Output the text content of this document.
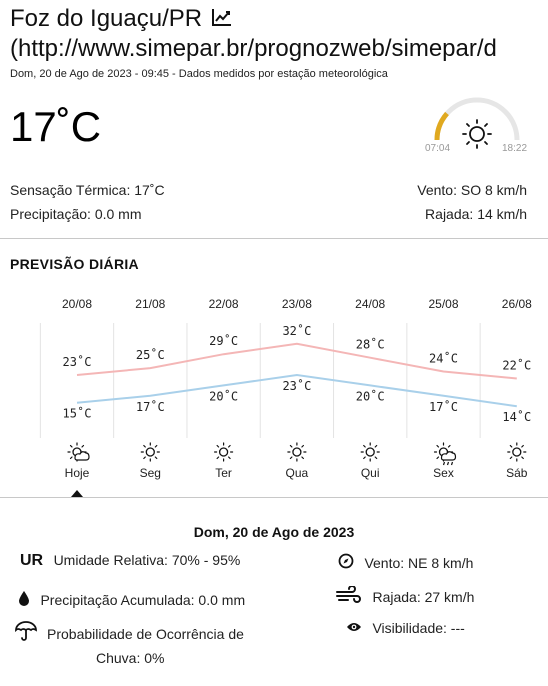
Foz do Iguaçu/PR
(http://www.simepar.br/prognozweb/simepar/d
Dom, 20 de Ago de 2023 - 09:45 - Dados medidos por estação meteorológica
17˚C	07:04	18:22
Sensação Térmica: 17˚C	Vento: SO 8 km/h
Precipitação: 0.0 mm	Rajada: 14 km/h
PREVISÃO DIÁRIA
20/08	21/08	22/08	23/08	24/08	25/08	26/08
23˚C	25˚C
29˚C
32˚C
28˚C
24˚C	22˚C
15˚C	17˚C
20˚C
23˚C
20˚C
17˚C
14˚C
Hoje	Seg	Ter	Qua	Qui	Sex	Sáb
Dom, 20 de Ago de 2023
UR Umidade Relativa: 70% - 95%	Vento: NE 8 km/h
Precipitação Acumulada: 0.0 mm	Rajada: 27 km/h
Probabilidade de Ocorrência de
Chuva: 0%
Visibilidade: ---
